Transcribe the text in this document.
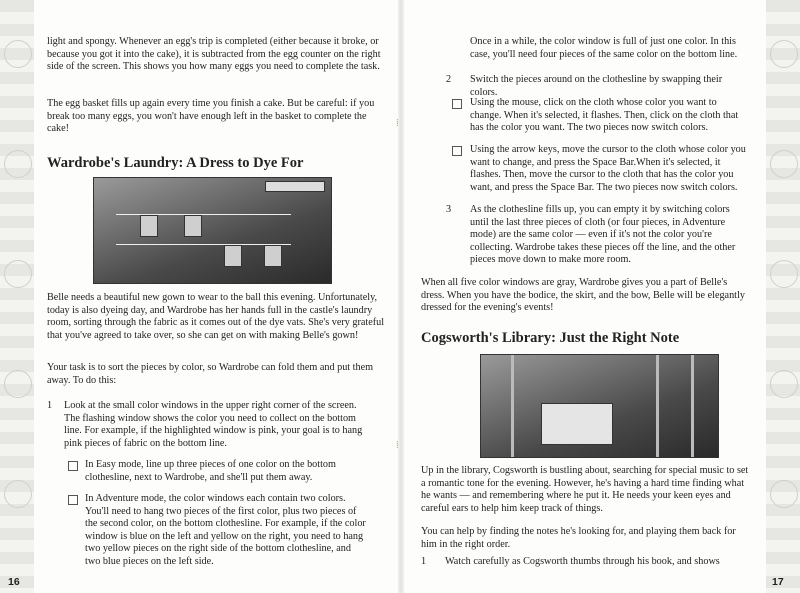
⁞
⁞

light and spongy. Whenever an egg's trip is completed (either because it broke, or because you got it into the cake), it is subtracted from the egg counter on the right side of the screen. This shows you how many eggs you need to complete the task.

The egg basket fills up again every time you finish a cake. But be careful: if you break too many eggs, you won't have enough left in the basket to complete the cake!

Wardrobe's Laundry: A Dress to Dye For

Belle needs a beautiful new gown to wear to the ball this evening. Unfortunately, today is also dyeing day, and Wardrobe has her hands full in the castle's laundry room, sorting through the fabric as it comes out of the dye vats. She's very grateful that you've agreed to take over, so she can get on with making Belle's gown!

Your task is to sort the pieces by color, so Wardrobe can fold them and put them away. To do this:

1 Look at the small color windows in the upper right corner of the screen. The flashing window shows the color you need to collect on the bottom line. For example, if the highlighted window is pink, your goal is to hang pink pieces of fabric on the bottom line.

In Easy mode, line up three pieces of one color on the bottom clothesline, next to Wardrobe, and she'll put them away.

In Adventure mode, the color windows each contain two colors. You'll need to hang two pieces of the first color, plus two pieces of the second color, on the bottom clothesline. For example, if the color window is blue on the left and yellow on the right, you need to hang two yellow pieces on the right side of the bottom clothesline, and two blue pieces on the left side.

16

Once in a while, the color window is full of just one color. In this case, you'll need four pieces of the same color on the bottom line.

2 Switch the pieces around on the clothesline by swapping their colors.

Using the mouse, click on the cloth whose color you want to change. When it's selected, it flashes. Then, click on the cloth that has the color you want. The two pieces now switch colors.

Using the arrow keys, move the cursor to the cloth whose color you want to change, and press the Space Bar.When it's selected, it flashes. Then, move the cursor to the cloth that has the color you want, and press the Space Bar. The two pieces now switch colors.

3 As the clothesline fills up, you can empty it by switching colors until the last three pieces of cloth (or four pieces, in Adventure mode) are the same color — even if it's not the color you're collecting. Wardrobe takes these pieces off the line, and the other pieces move down to make more room.

When all five color windows are gray, Wardrobe gives you a part of Belle's dress. When you have the bodice, the skirt, and the bow, Belle will be elegantly dressed for the evening's events!

Cogsworth's Library: Just the Right Note

Up in the library, Cogsworth is bustling about, searching for special music to set a romantic tone for the evening. However, he's having a hard time finding what he wants — and remembering where he put it. He needs your keen eyes and careful ears to help him keep track of things.

You can help by finding the notes he's looking for, and playing them back for him in the right order.

1 Watch carefully as Cogsworth thumbs through his book, and shows

17
